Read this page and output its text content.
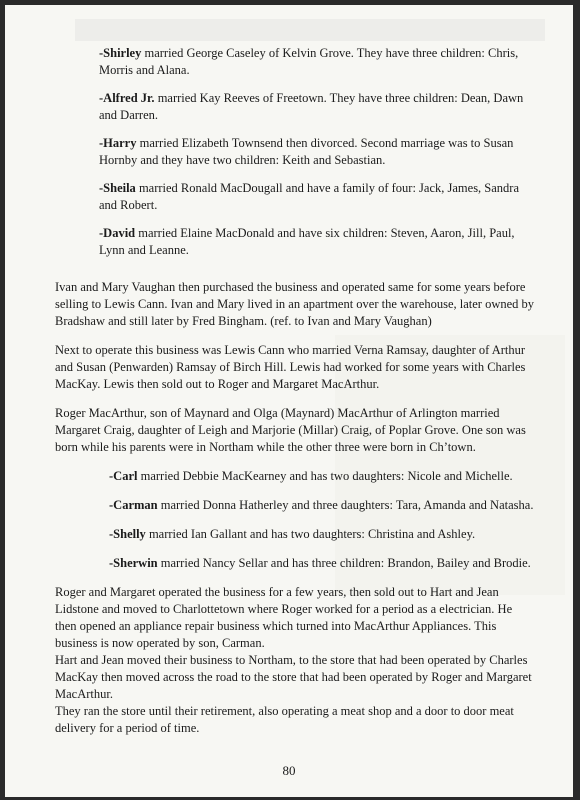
-Shirley married George Caseley of Kelvin Grove. They have three children: Chris, Morris and Alana.
-Alfred Jr. married Kay Reeves of Freetown. They have three children: Dean, Dawn and Darren.
-Harry married Elizabeth Townsend then divorced. Second marriage was to Susan Hornby and they have two children: Keith and Sebastian.
-Sheila married Ronald MacDougall and have a family of four: Jack, James, Sandra and Robert.
-David married Elaine MacDonald and have six children: Steven, Aaron, Jill, Paul, Lynn and Leanne.

Ivan and Mary Vaughan then purchased the business and operated same for some years before selling to Lewis Cann. Ivan and Mary lived in an apartment over the warehouse, later owned by Bradshaw and still later by Fred Bingham. (ref. to Ivan and Mary Vaughan)

Next to operate this business was Lewis Cann who married Verna Ramsay, daughter of Arthur and Susan (Penwarden) Ramsay of Birch Hill. Lewis had worked for some years with Charles MacKay. Lewis then sold out to Roger and Margaret MacArthur.

Roger MacArthur, son of Maynard and Olga (Maynard) MacArthur of Arlington married Margaret Craig, daughter of Leigh and Marjorie (Millar) Craig, of Poplar Grove. One son was born while his parents were in Northam while the other three were born in Ch’town.

-Carl married Debbie MacKearney and has two daughters: Nicole and Michelle.
-Carman married Donna Hatherley and three daughters: Tara, Amanda and Natasha.
-Shelly married Ian Gallant and has two daughters: Christina and Ashley.
-Sherwin married Nancy Sellar and has three children: Brandon, Bailey and Brodie.

Roger and Margaret operated the business for a few years, then sold out to Hart and Jean Lidstone and moved to Charlottetown where Roger worked for a period as a electrician. He then opened an appliance repair business which turned into MacArthur Appliances. This business is now operated by son, Carman.

Hart and Jean moved their business to Northam, to the store that had been operated by Charles MacKay then moved across the road to the store that had been operated by Roger and Margaret MacArthur.

They ran the store until their retirement, also operating a meat shop and a door to door meat delivery for a period of time.

80
